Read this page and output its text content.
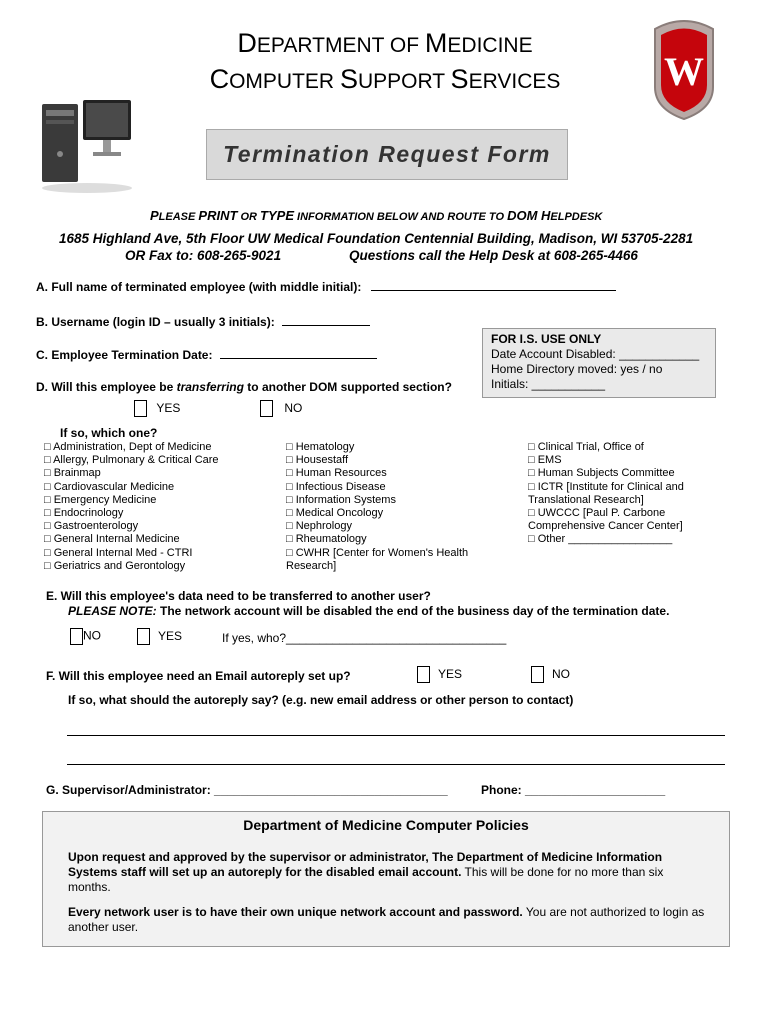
DEPARTMENT OF MEDICINE
COMPUTER SUPPORT SERVICES	W
Termination Request Form
PLEASE PRINT OR TYPE INFORMATION BELOW AND ROUTE TO DOM HELPDESK
1685 Highland Ave, 5th Floor UW Medical Foundation Centennial Building, Madison, WI 53705-2281
OR Fax to: 608-265-9021	Questions call the Help Desk at 608-265-4466
A. Full name of terminated employee (with middle initial):
B. Username (login ID – usually 3 initials):
C. Employee Termination Date:
FOR I.S. USE ONLY
Date Account Disabled: ____________
Home Directory moved: yes / no
Initials: ___________
D. Will this employee be transferring to another DOM supported section?
YES	NO
If so, which one?
□ Administration, Dept of Medicine
□ Allergy, Pulmonary & Critical Care
□ Brainmap
□ Cardiovascular Medicine
□ Emergency Medicine
□ Endocrinology
□ Gastroenterology
□ General Internal Medicine
□ General Internal Med - CTRI
□ Geriatrics and Gerontology
□ Hematology
□ Housestaff
□ Human Resources
□ Infectious Disease
□ Information Systems
□ Medical Oncology
□ Nephrology
□ Rheumatology
□ CWHR [Center for Women's Health
Research]
□ Clinical Trial, Office of
□ EMS
□ Human Subjects Committee
□ ICTR [Institute for Clinical and
Translational Research]
□ UWCCC [Paul P. Carbone
Comprehensive Cancer Center]
□ Other _________________
E. Will this employee's data need to be transferred to another user?
PLEASE NOTE: The network account will be disabled the end of the business day of the termination date.
NO	YES	If yes, who?_________________________________
F. Will this employee need an Email autoreply set up?	YES	NO
If so, what should the autoreply say? (e.g. new email address or other person to contact)
G. Supervisor/Administrator: ___________________________________	Phone: _____________________
Department of Medicine Computer Policies
Upon request and approved by the supervisor or administrator, The Department of Medicine Information Systems staff will set up an autoreply for the disabled email account. This will be done for no more than six months.
Every network user is to have their own unique network account and password. You are not authorized to login as another user.
